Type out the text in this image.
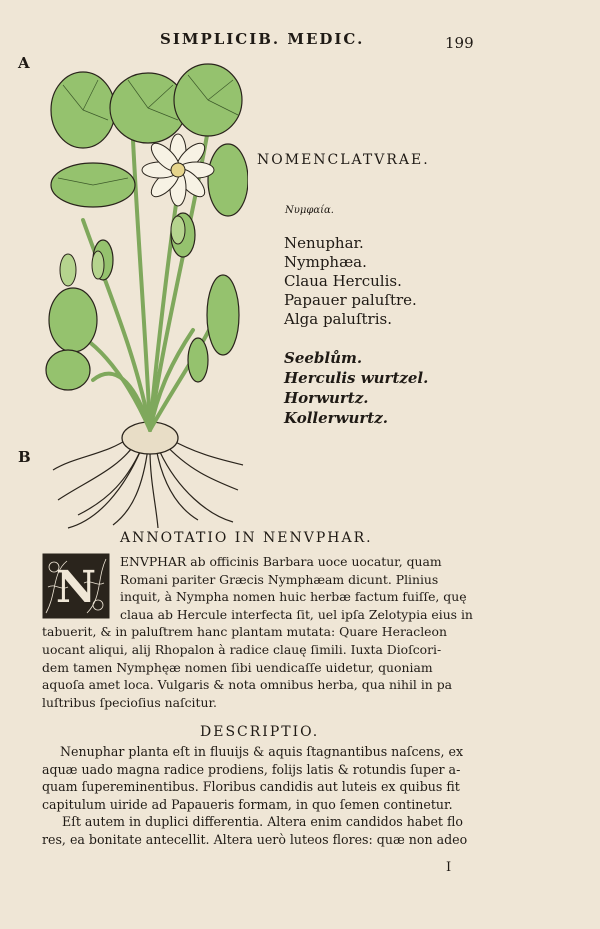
SIMPLICIB. MEDIC.	199
A
B
NOMENCLATVRAE.
Νυμφαία.
Nenuphar.
Nymphæa.
Claua Herculis.
Papauer paluſtre.
Alga paluſtris.
Seeblům.
Herculis wurtzel.
Horwurtz.
Kollerwurtz.
ANNOTATIO IN NENVPHAR.
N
ENVPHAR ab officinis Barbara uoce uocatur, quam
Romani pariter Græcis Nymphæam dicunt. Plinius
inquit, à Nympha nomen huic herbæ factum fuiſſe, quę
claua ab Hercule interfecta ſit, uel ipſa Zelotypia eius in
tabuerit, & in paluſtrem hanc plantam mutata: Quare Heracleon
uocant aliqui, alij Rhopalon à radice clauę ſimili. Iuxta Dioſcori-
dem tamen Nymphęæ nomen ſibi uendicaſſe uidetur, quoniam
aquoſa amet loca. Vulgaris & nota omnibus herba, qua nihil in pa
luſtribus ſpecioſius naſcitur.
DESCRIPTIO.
Nenuphar planta eſt in fluuijs & aquis ſtagnantibus naſcens, ex
aquæ uado magna radice prodiens, folijs latis & rotundis ſuper a-
quam ſupereminentibus. Floribus candidis aut luteis ex quibus fit
capitulum uiride ad Papaueris formam, in quo ſemen continetur.
Eſt autem in duplici differentia. Altera enim candidos habet flo
res, ea bonitate antecellit. Altera uerò luteos flores: quæ non adeo
I
